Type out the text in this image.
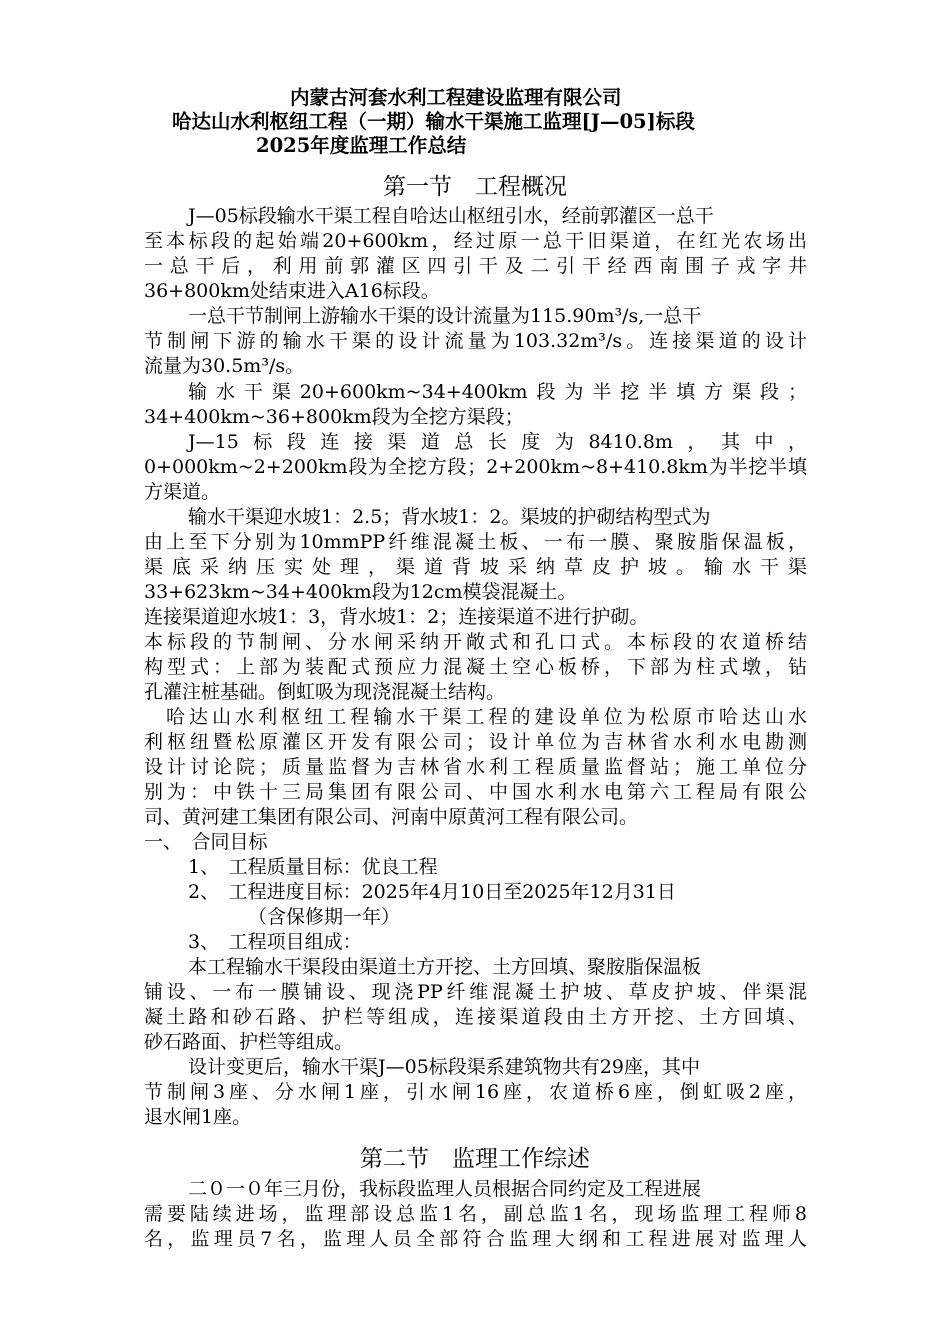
内蒙古河套水利工程建设监理有限公司
哈达山水利枢纽工程（一期）输水干渠施工监理[J—05]标段
2025年度监理工作总结
第一节　工程概况
J—05标段输水干渠工程自哈达山枢纽引水，经前郭灌区一总干
至本标段的起始端20+600km，经过原一总干旧渠道，在红光农场出
一总干后，利用前郭灌区四引干及二引干经西南围子戎字井
36+800km处结束进入A16标段。
一总干节制闸上游输水干渠的设计流量为115.90m³/s,一总干
节制闸下游的输水干渠的设计流量为103.32m³/s。连接渠道的设计
流量为30.5m³/s。
输水干渠20+600km~34+400km段为半挖半填方渠段；
34+400km~36+800km段为全挖方渠段；
J—15标段连接渠道总长度为8410.8m，其中，
0+000km~2+200km段为全挖方段；2+200km~8+410.8km为半挖半填
方渠道。
输水干渠迎水坡1：2.5；背水坡1：2。渠坡的护砌结构型式为
由上至下分别为10mmPP纤维混凝土板、一布一膜、聚胺脂保温板，
渠底采纳压实处理，渠道背坡采纳草皮护坡。输水干渠
33+623km~34+400km段为12cm模袋混凝土。
连接渠道迎水坡1：3，背水坡1：2；连接渠道不进行护砌。
本标段的节制闸、分水闸采纳开敞式和孔口式。本标段的农道桥结
构型式：上部为装配式预应力混凝土空心板桥，下部为柱式墩，钻
孔灌注桩基础。倒虹吸为现浇混凝土结构。
哈达山水利枢纽工程输水干渠工程的建设单位为松原市哈达山水
利枢纽暨松原灌区开发有限公司；设计单位为吉林省水利水电勘测
设计讨论院；质量监督为吉林省水利工程质量监督站；施工单位分
别为：中铁十三局集团有限公司、中国水利水电第六工程局有限公
司、黄河建工集团有限公司、河南中原黄河工程有限公司。
一、　合同目标
1、　工程质量目标：优良工程
2、　工程进度目标：2025年4月10日至2025年12月31日
（含保修期一年）
3、　工程项目组成：
本工程输水干渠段由渠道土方开挖、土方回填、聚胺脂保温板
铺设、一布一膜铺设、现浇PP纤维混凝土护坡、草皮护坡、伴渠混
凝土路和砂石路、护栏等组成，连接渠道段由土方开挖、土方回填、
砂石路面、护栏等组成。
设计变更后，输水干渠J—05标段渠系建筑物共有29座，其中
节制闸3座、分水闸1座，引水闸16座，农道桥6座，倒虹吸2座，
退水闸1座。
第二节　监理工作综述
二０一０年三月份，我标段监理人员根据合同约定及工程进展
需要陆续进场，监理部设总监1名，副总监1名，现场监理工程师8
名，监理员7名，监理人员全部符合监理大纲和工程进展对监理人
